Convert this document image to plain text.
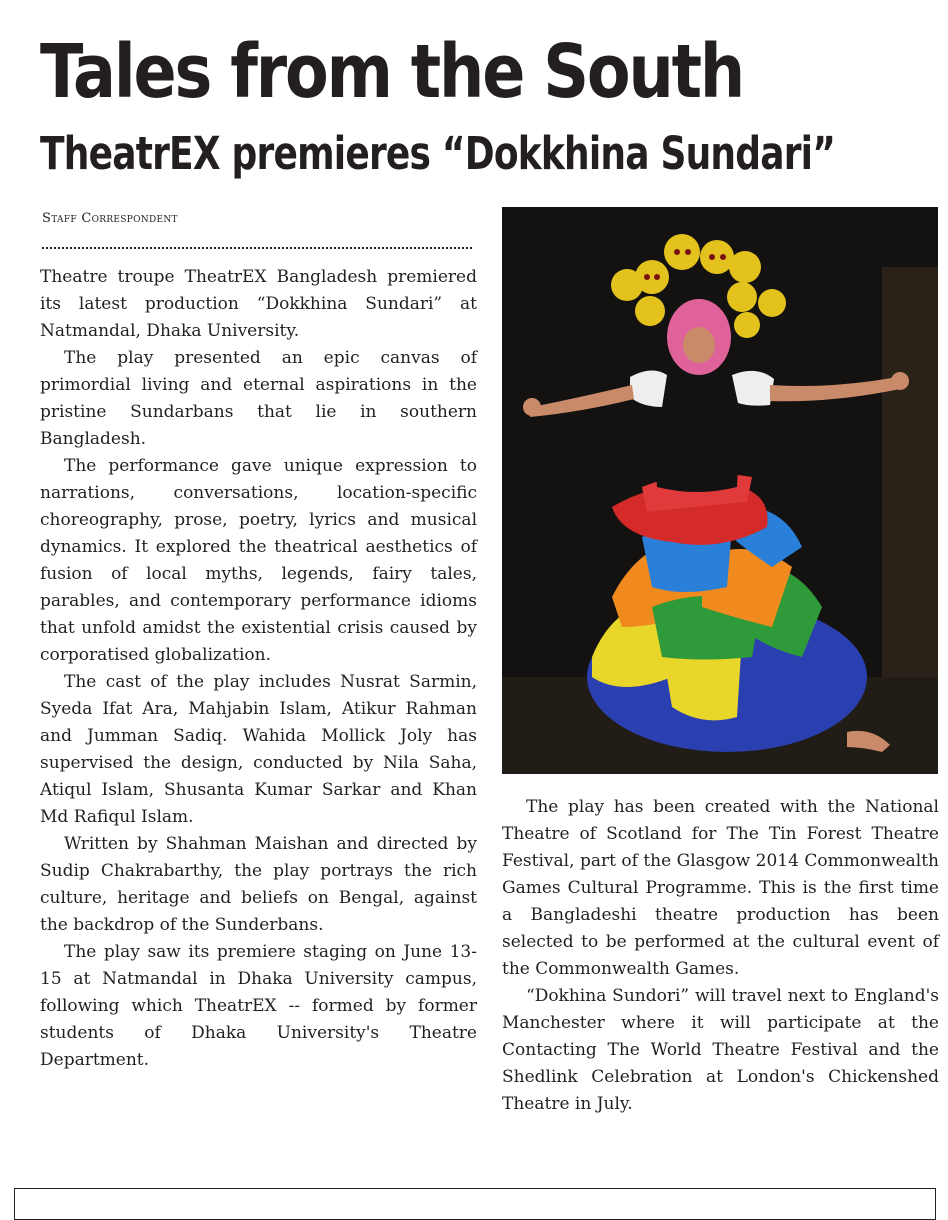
Tales from the South
TheatrEX premieres “Dokkhina Sundari”
Staff Correspondent

Theatre troupe TheatrEX Bangladesh premiered its latest production “Dokkhina Sundari” at Natmandal, Dhaka University.

The play presented an epic canvas of primordial living and eternal aspirations in the pristine Sundarbans that lie in southern Bangladesh.

The performance gave unique expression to narrations, conversations, location-specific choreography, prose, poetry, lyrics and musical dynamics. It explored the theatrical aesthetics of fusion of local myths, legends, fairy tales, parables, and contemporary performance idioms that unfold amidst the existential crisis caused by corporatised globalization.

The cast of the play includes Nusrat Sarmin, Syeda Ifat Ara, Mahjabin Islam, Atikur Rahman and Jumman Sadiq. Wahida Mollick Joly has supervised the design, conducted by Nila Saha, Atiqul Islam, Shusanta Kumar Sarkar and Khan Md Rafiqul Islam.

Written by Shahman Maishan and directed by Sudip Chakrabarthy, the play portrays the rich culture, heritage and beliefs on Bengal, against the backdrop of the Sunderbans.

The play saw its premiere staging on June 13-15 at Natmandal in Dhaka University campus, following which TheatrEX -- formed by former students of Dhaka University's Theatre Department.

The play has been created with the National Theatre of Scotland for The Tin Forest Theatre Festival, part of the Glasgow 2014 Commonwealth Games Cultural Programme. This is the first time a Bangladeshi theatre production has been selected to be performed at the cultural event of the Commonwealth Games.

“Dokhina Sundori” will travel next to England's Manchester where it will participate at the Contacting The World Theatre Festival and the Shedlink Celebration at London's Chickenshed Theatre in July.
